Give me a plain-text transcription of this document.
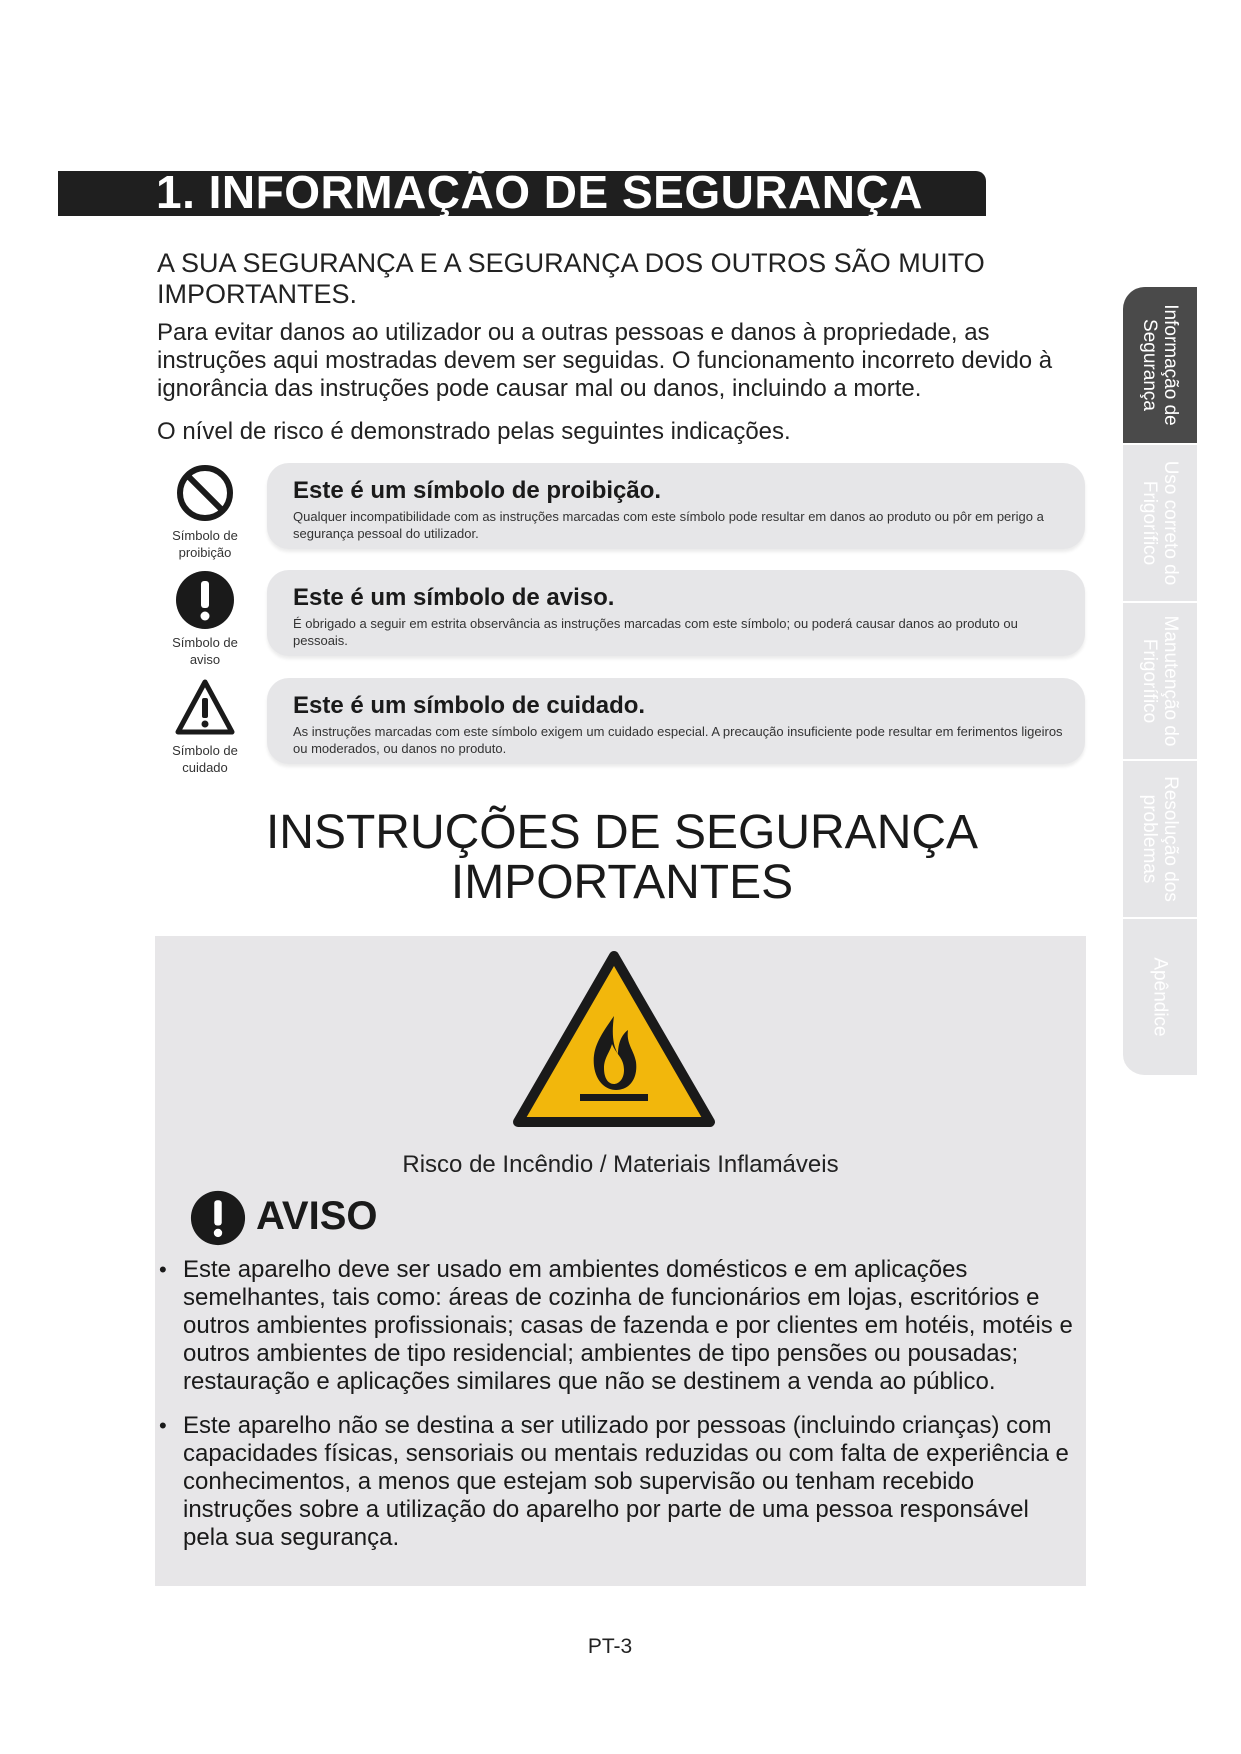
1. INFORMAÇÃO DE SEGURANÇA
A SUA SEGURANÇA E A SEGURANÇA DOS OUTROS SÃO MUITO IMPORTANTES.
Para evitar danos ao utilizador ou a outras pessoas e danos à propriedade, as instruções aqui mostradas devem ser seguidas. O funcionamento incorreto devido à ignorância das instruções pode causar mal ou danos, incluindo a morte.
O nível de risco é demonstrado pelas seguintes indicações.
Símbolo de proibição
Este é um símbolo de proibição.
Qualquer incompatibilidade com as instruções marcadas com este símbolo pode resultar em danos ao produto ou pôr em perigo a segurança pessoal do utilizador.
Símbolo de aviso
Este é um símbolo de aviso.
É obrigado a seguir em estrita observância as instruções marcadas com este símbolo; ou poderá causar danos ao produto ou pessoais.
Símbolo de cuidado
Este é um símbolo de cuidado.
As instruções marcadas com este símbolo exigem um cuidado especial. A precaução insuficiente pode resultar em ferimentos ligeiros ou moderados, ou danos no produto.
INSTRUÇÕES DE SEGURANÇA
IMPORTANTES
Risco de Incêndio / Materiais Inflamáveis
AVISO
• Este aparelho deve ser usado em ambientes domésticos e em aplicações semelhantes, tais como: áreas de cozinha de funcionários em lojas, escritórios e outros ambientes profissionais; casas de fazenda e por clientes em hotéis, motéis e outros ambientes de tipo residencial; ambientes de tipo pensões ou pousadas; restauração e aplicações similares que não se destinem a venda ao público.
• Este aparelho não se destina a ser utilizado por pessoas (incluindo crianças) com capacidades físicas, sensoriais ou mentais reduzidas ou com falta de experiência e conhecimentos, a menos que estejam sob supervisão ou tenham recebido instruções sobre a utilização do aparelho por parte de uma pessoa responsável pela sua segurança.
PT-3
Informação de
Segurança
Uso correto do
Frigorífico
Manutenção do
Frigorífico
Resolução dos
problemas
Apêndice
